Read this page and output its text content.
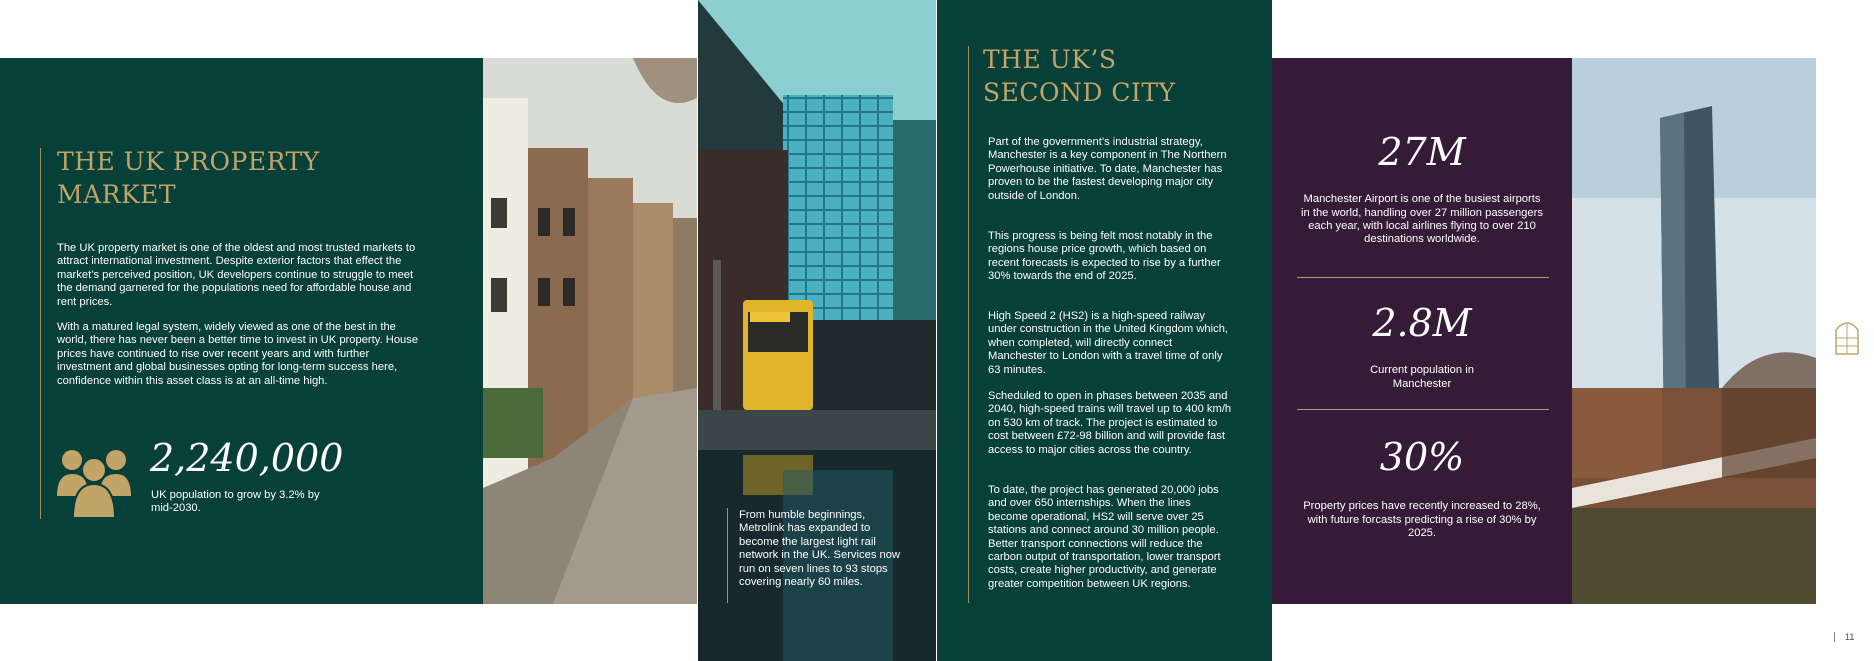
THE UK PROPERTY MARKET

The UK property market is one of the oldest and most trusted markets to attract international investment. Despite exterior factors that effect the market’s perceived position, UK developers continue to struggle to meet the demand garnered for the populations need for affordable house and rent prices.

With a matured legal system, widely viewed as one of the best in the world, there has never been a better time to invest in UK property. House prices have continued to rise over recent years and with further investment and global businesses opting for long-term success here, confidence within this asset class is at an all-time high.

2,240,000
UK population to grow by 3.2% by mid-2030.

From humble beginnings, Metrolink has expanded to become the largest light rail network in the UK. Services now run on seven lines to 93 stops covering nearly 60 miles.

THE UK’S
SECOND CITY

Part of the government’s industrial strategy, Manchester is a key component in The Northern Powerhouse initiative. To date, Manchester has proven to be the fastest developing major city outside of London.

This progress is being felt most notably in the regions house price growth, which based on recent forecasts is expected to rise by a further 30% towards the end of 2025.

High Speed 2 (HS2) is a high-speed railway under construction in the United Kingdom which, when completed, will directly connect Manchester to London with a travel time of only 63 minutes.

Scheduled to open in phases between 2035 and 2040, high-speed trains will travel up to 400 km/h on 530 km of track. The project is estimated to cost between £72-98 billion and will provide fast access to major cities across the country.

To date, the project has generated 20,000 jobs and over 650 internships. When the lines become operational, HS2 will serve over 25 stations and connect around 30 million people. Better transport connections will reduce the carbon output of transportation, lower transport costs, create higher productivity, and generate greater competition between UK regions.

27M

Manchester Airport is one of the busiest airports in the world, handling over 27 million passengers each year, with local airlines flying to over 210 destinations worldwide.

2.8M

Current population in Manchester

30%

Property prices have recently increased to 28%, with future forcasts predicting a rise of 30% by 2025.

11
